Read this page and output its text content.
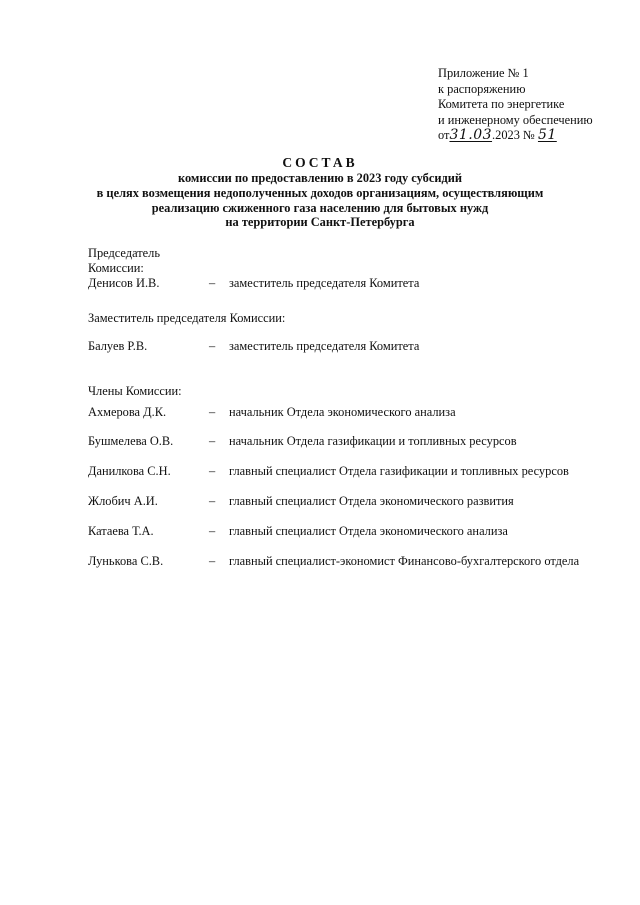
Приложение № 1
к распоряжению
Комитета по энергетике
и инженерному обеспечению
от31.03.2023 № 51
СОСТАВ
комиссии по предоставлению в 2023 году субсидий
в целях возмещения недополученных доходов организациям, осуществляющим
реализацию сжиженного газа населению для бытовых нужд
на территории Санкт-Петербурга
Председатель
Комиссии:
Денисов И.В.	– заместитель председателя Комитета
Заместитель председателя Комиссии:
Балуев Р.В.	– заместитель председателя Комитета
Члены Комиссии:
Ахмерова Д.К.	– начальник Отдела экономического анализа
Бушмелева О.В.	– начальник Отдела газификации и топливных ресурсов
Данилкова С.Н.	– главный специалист Отдела газификации и топливных ресурсов
Жлобич А.И.	– главный специалист Отдела экономического развития
Катаева Т.А.	– главный специалист Отдела экономического анализа
Лунькова С.В.	– главный специалист-экономист Финансово-бухгалтерского отдела
